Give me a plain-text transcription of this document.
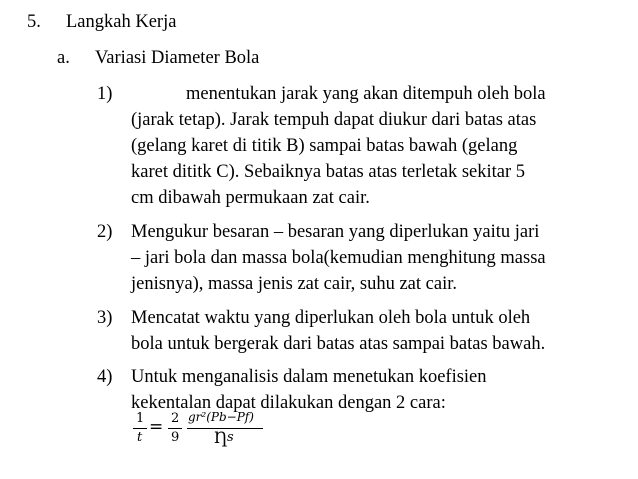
5. Langkah Kerja
a. Variasi Diameter Bola
1)	menentukan jarak yang akan ditempuh oleh bola
(jarak tetap). Jarak tempuh dapat diukur dari batas atas
(gelang karet di titik B) sampai batas bawah (gelang
karet dititk C). Sebaiknya batas atas terletak sekitar 5
cm dibawah permukaan zat cair.
2) Mengukur besaran – besaran yang diperlukan yaitu jari
– jari bola dan massa bola(kemudian menghitung massa
jenisnya), massa jenis zat cair, suhu zat cair.
3) Mencatat waktu yang diperlukan oleh bola untuk oleh
bola untuk bergerak dari batas atas sampai batas bawah.
4) Untuk menganalisis dalam menetukan koefisien
kekentalan dapat dilakukan dengan 2 cara:
1
t
= 2
9
gr²(Pb−Pf)
Ƞ s
